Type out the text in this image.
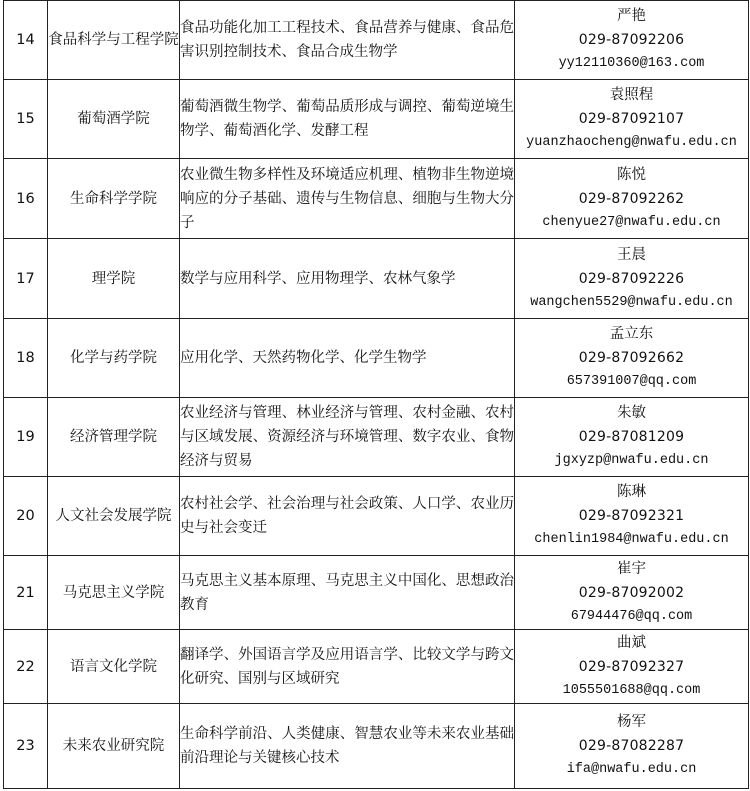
14	食品科学与工程学院	食品功能化加工工程技术、食品营养与健康、食品危害识别控制技术、食品合成生物学	严艳
029-87092206
yy12110360@163.com

15	葡萄酒学院	葡萄酒微生物学、葡萄品质形成与调控、葡萄逆境生物学、葡萄酒化学、发酵工程	袁照程
029-87092107
yuanzhaocheng@nwafu.edu.cn

16	生命科学学院	农业微生物多样性及环境适应机理、植物非生物逆境响应的分子基础、遗传与生物信息、细胞与生物大分子	陈悦
029-87092262
chenyue27@nwafu.edu.cn

17	理学院	数学与应用科学、应用物理学、农林气象学	王晨
029-87092226
wangchen5529@nwafu.edu.cn

18	化学与药学院	应用化学、天然药物化学、化学生物学	孟立东
029-87092662
657391007@qq.com

19	经济管理学院	农业经济与管理、林业经济与管理、农村金融、农村与区域发展、资源经济与环境管理、数字农业、食物经济与贸易	朱敏
029-87081209
jgxyzp@nwafu.edu.cn

20	人文社会发展学院	农村社会学、社会治理与社会政策、人口学、农业历史与社会变迁	陈琳
029-87092321
chenlin1984@nwafu.edu.cn

21	马克思主义学院	马克思主义基本原理、马克思主义中国化、思想政治教育	崔宇
029-87092002
67944476@qq.com

22	语言文化学院	翻译学、外国语言学及应用语言学、比较文学与跨文化研究、国别与区域研究	曲斌
029-87092327
1055501688@qq.com

23	未来农业研究院	生命科学前沿、人类健康、智慧农业等未来农业基础前沿理论与关键核心技术	杨军
029-87082287
ifa@nwafu.edu.cn
